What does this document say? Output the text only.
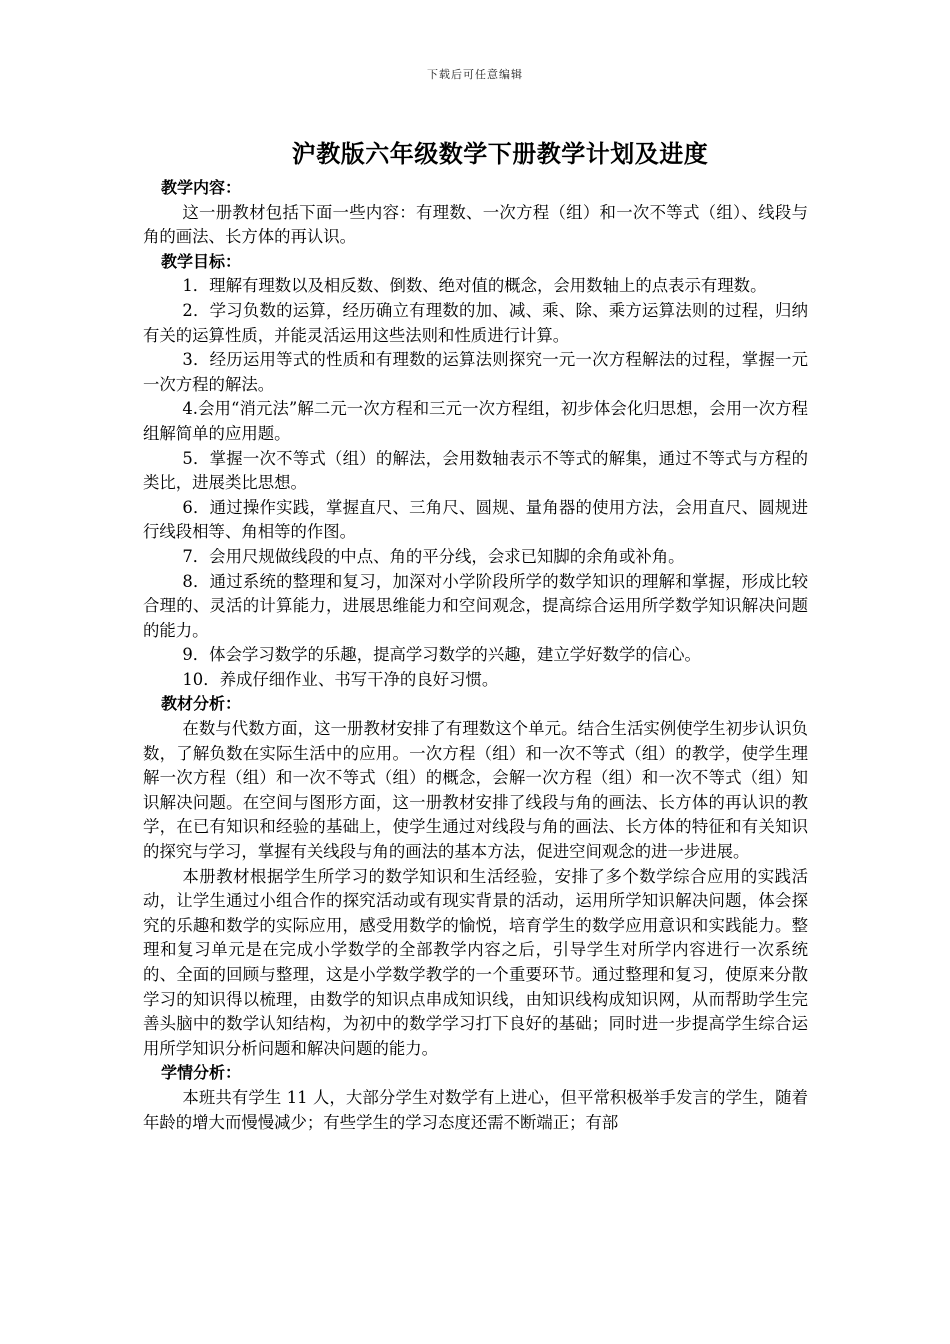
下载后可任意编辑
沪教版六年级数学下册教学计划及进度
教学内容：

这一册教材包括下面一些内容：有理数、一次方程（组）和一次不等式（组）、线段与角的画法、长方体的再认识。

教学目标：

1．理解有理数以及相反数、倒数、绝对值的概念，会用数轴上的点表示有理数。

2．学习负数的运算，经历确立有理数的加、减、乘、除、乘方运算法则的过程，归纳有关的运算性质，并能灵活运用这些法则和性质进行计算。

3．经历运用等式的性质和有理数的运算法则探究一元一次方程解法的过程，掌握一元一次方程的解法。

4.会用“消元法”解二元一次方程和三元一次方程组，初步体会化归思想，会用一次方程组解简单的应用题。

5．掌握一次不等式（组）的解法，会用数轴表示不等式的解集，通过不等式与方程的类比，进展类比思想。

6．通过操作实践，掌握直尺、三角尺、圆规、量角器的使用方法，会用直尺、圆规进行线段相等、角相等的作图。

7．会用尺规做线段的中点、角的平分线，会求已知脚的余角或补角。

8．通过系统的整理和复习，加深对小学阶段所学的数学知识的理解和掌握，形成比较合理的、灵活的计算能力，进展思维能力和空间观念，提高综合运用所学数学知识解决问题的能力。

9．体会学习数学的乐趣，提高学习数学的兴趣，建立学好数学的信心。

10．养成仔细作业、书写干净的良好习惯。

教材分析：

在数与代数方面，这一册教材安排了有理数这个单元。结合生活实例使学生初步认识负数，了解负数在实际生活中的应用。一次方程（组）和一次不等式（组）的教学，使学生理解一次方程（组）和一次不等式（组）的概念，会解一次方程（组）和一次不等式（组）知识解决问题。在空间与图形方面，这一册教材安排了线段与角的画法、长方体的再认识的教学，在已有知识和经验的基础上，使学生通过对线段与角的画法、长方体的特征和有关知识的探究与学习，掌握有关线段与角的画法的基本方法，促进空间观念的进一步进展。

本册教材根据学生所学习的数学知识和生活经验，安排了多个数学综合应用的实践活动，让学生通过小组合作的探究活动或有现实背景的活动，运用所学知识解决问题，体会探究的乐趣和数学的实际应用，感受用数学的愉悦，培育学生的数学应用意识和实践能力。整理和复习单元是在完成小学数学的全部教学内容之后，引导学生对所学内容进行一次系统的、全面的回顾与整理，这是小学数学教学的一个重要环节。通过整理和复习，使原来分散学习的知识得以梳理，由数学的知识点串成知识线，由知识线构成知识网，从而帮助学生完善头脑中的数学认知结构，为初中的数学学习打下良好的基础；同时进一步提高学生综合运用所学知识分析问题和解决问题的能力。

学情分析：

本班共有学生 11 人，大部分学生对数学有上进心，但平常积极举手发言的学生，随着年龄的增大而慢慢减少；有些学生的学习态度还需不断端正；有部
